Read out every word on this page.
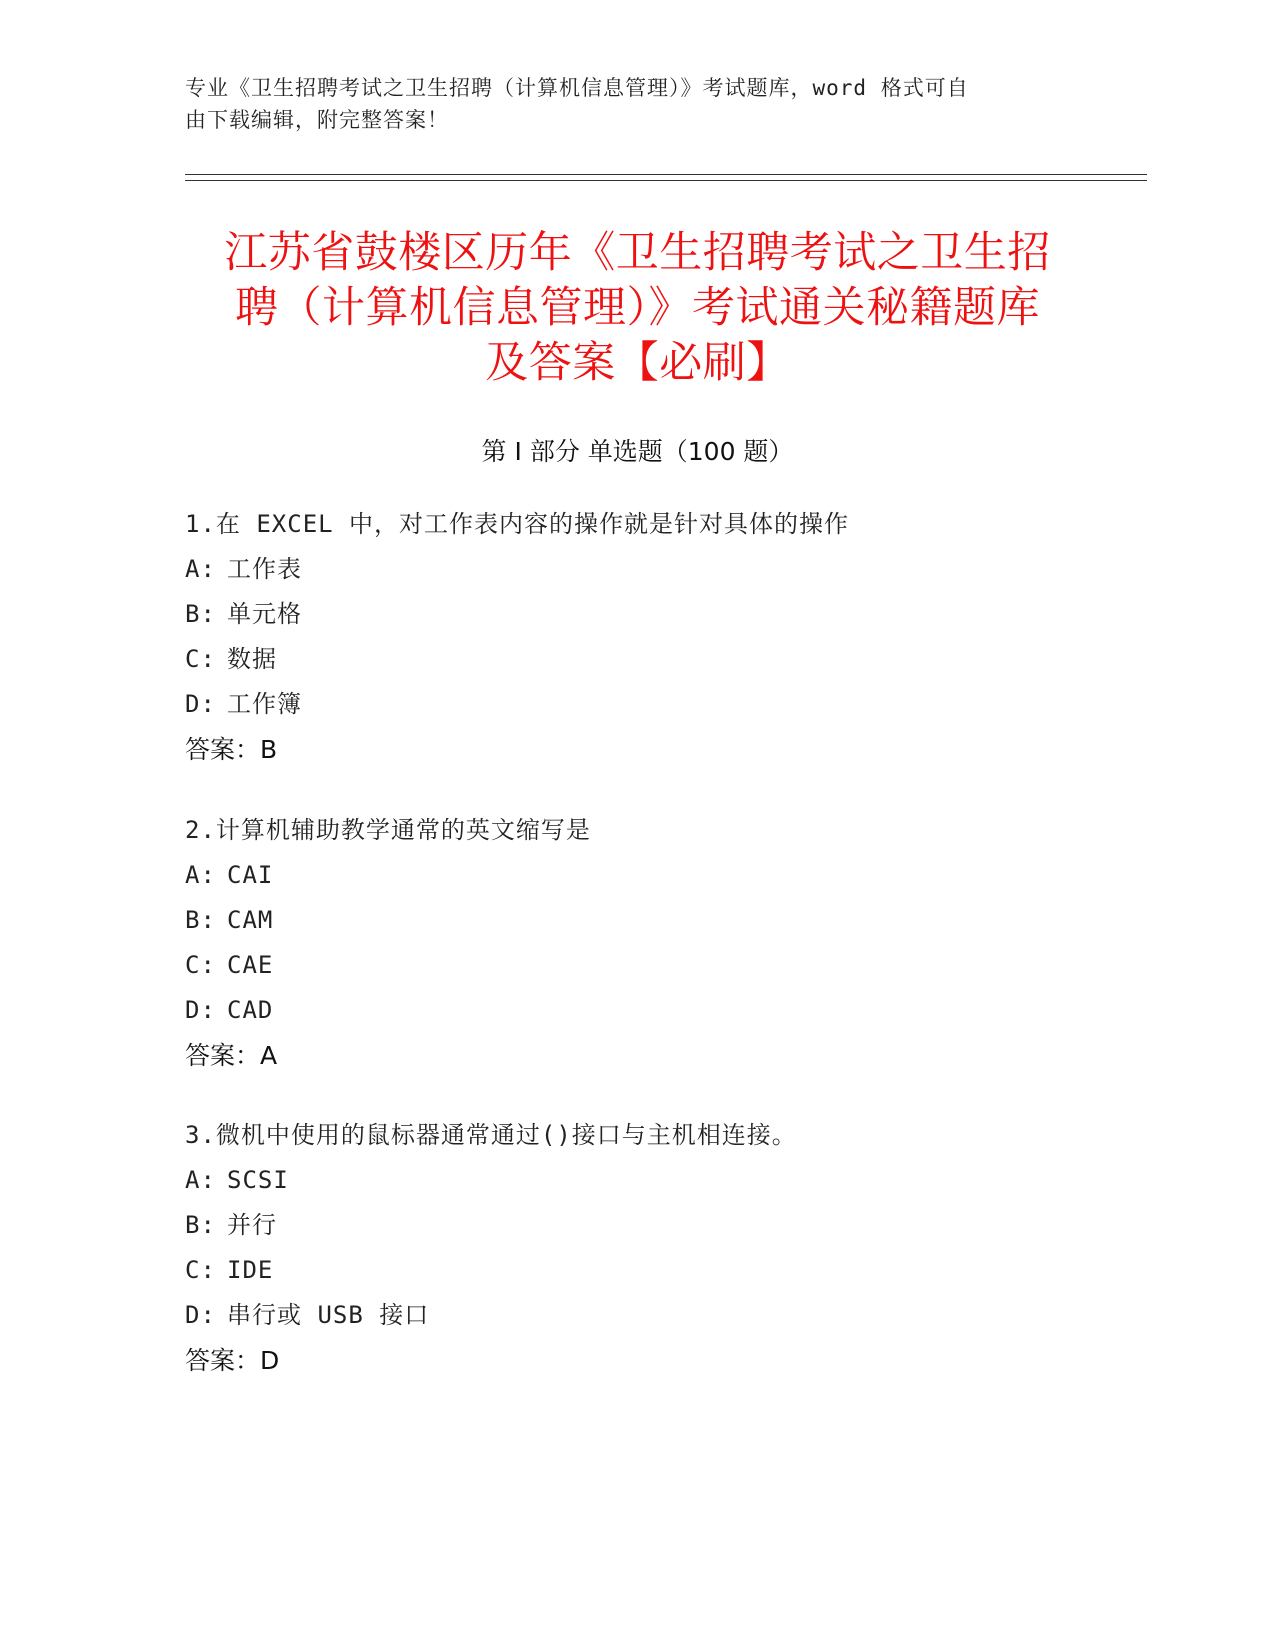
专业《卫生招聘考试之卫生招聘（计算机信息管理）》考试题库，word 格式可自
由下载编辑，附完整答案！
江苏省鼓楼区历年《卫生招聘考试之卫生招
聘（计算机信息管理）》考试通关秘籍题库
及答案【必刷】
第 I 部分 单选题（100 题）
1.在 EXCEL 中，对工作表内容的操作就是针对具体的操作
A: 工作表
B: 单元格
C: 数据
D: 工作簿
答案：B
2.计算机辅助教学通常的英文缩写是
A: CAI
B: CAM
C: CAE
D: CAD
答案：A
3.微机中使用的鼠标器通常通过()接口与主机相连接。
A: SCSI
B: 并行
C: IDE
D: 串行或 USB 接口
答案：D
